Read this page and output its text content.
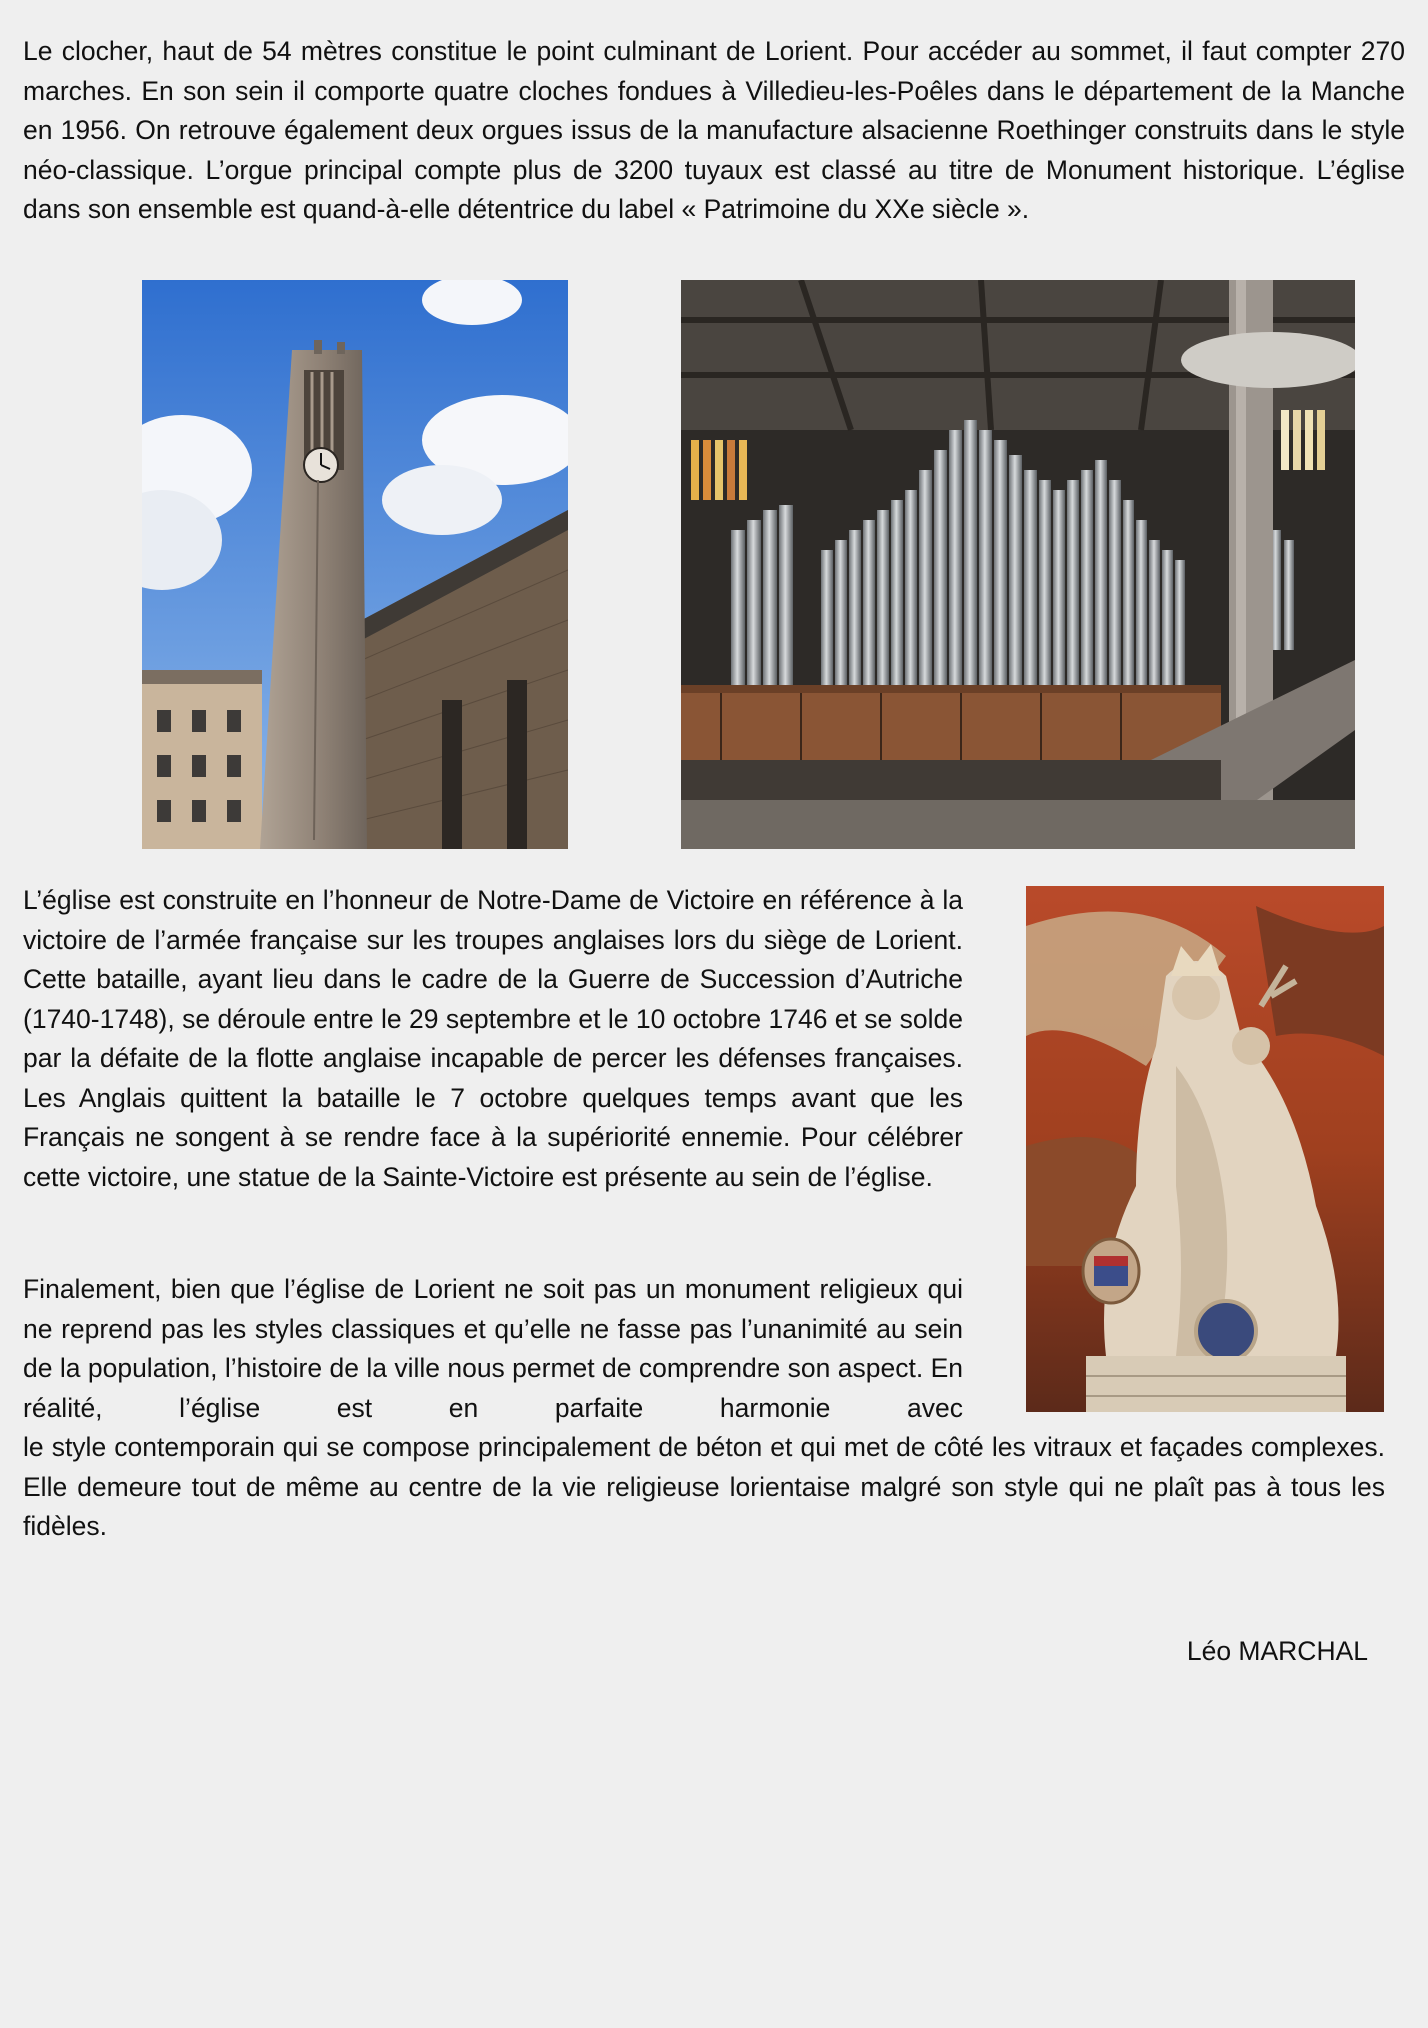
Le clocher, haut de 54 mètres constitue le point culminant de Lorient. Pour accéder au sommet, il faut compter 270 marches. En son sein il comporte quatre cloches fondues à Villedieu-les-Poêles dans le département de la Manche en 1956. On retrouve également deux orgues issus de la manufacture alsacienne Roethinger construits dans le style néo-classique. L’orgue principal compte plus de 3200 tuyaux est classé au titre de Monument historique. L’église dans son ensemble est quand-à-elle détentrice du label « Patrimoine du XXe siècle ».

L’église est construite en l’honneur de Notre-Dame de Victoire en référence à la victoire de l’armée française sur les troupes anglaises lors du siège de Lorient. Cette bataille, ayant lieu dans le cadre de la Guerre de Succession d’Autriche (1740-1748), se déroule entre le 29 septembre et le 10 octobre 1746 et se solde par la défaite de la flotte anglaise incapable de percer les défenses françaises. Les Anglais quittent la bataille le 7 octobre quelques temps avant que les Français ne songent à se rendre face à la supériorité ennemie. Pour célébrer cette victoire, une statue de la Sainte-Victoire est présente au sein de l’église.

Finalement, bien que l’église de Lorient ne soit pas un monument religieux qui ne reprend pas les styles classiques et qu’elle ne fasse pas l’unanimité au sein de la population, l’histoire de la ville nous permet de comprendre son aspect. En réalité, l’église est en parfaite harmonie avec

le style contemporain qui se compose principalement de béton et qui met de côté les vitraux et façades complexes. Elle demeure tout de même au centre de la vie religieuse lorientaise malgré son style qui ne plaît pas à tous les fidèles.

Léo MARCHAL
